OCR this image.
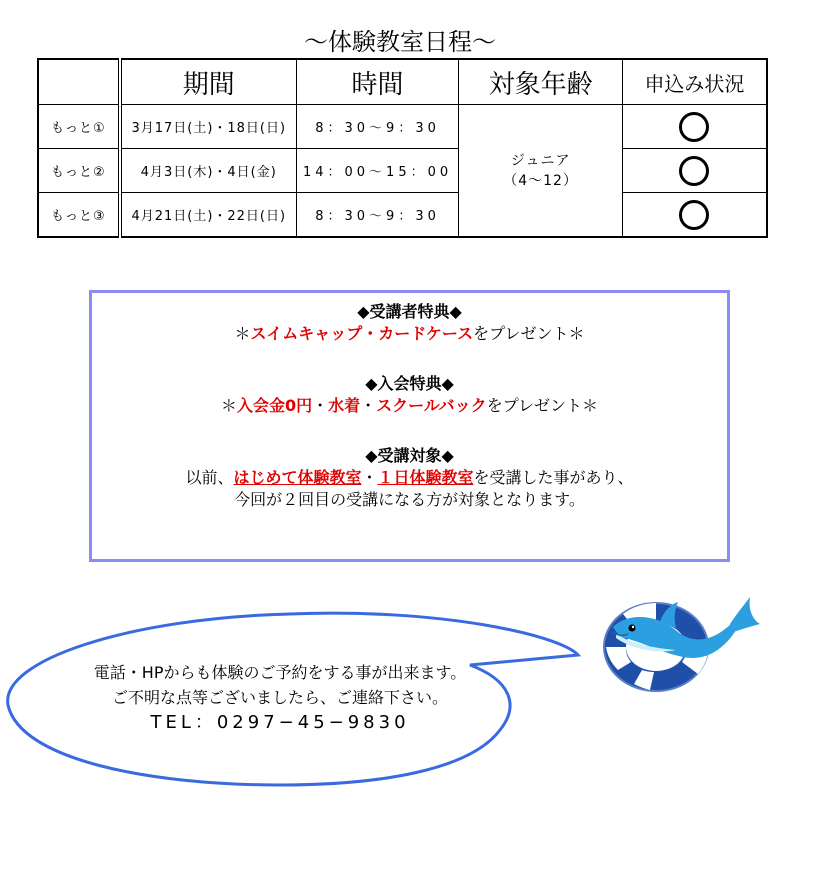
～体験教室日程～
	期間	時間	対象年齢	申込み状況
もっと①	3月17日(土)・18日(日)	8：30～9：30	ジュニア
（4～12）	

もっと②	4月3日(木)・4日(金)	14：00～15：00		
もっと③	4月21日(土)・22日(日)	8：30～9：30		
◆受講者特典◆
＊スイムキャップ・カードケースをプレゼント＊
◆入会特典◆
＊入会金0円・水着・スクールバックをプレゼント＊
◆受講対象◆
以前、はじめて体験教室・１日体験教室を受講した事があり、
今回が２回目の受講になる方が対象となります。
電話・HPからも体験のご予約をする事が出来ます。
ご不明な点等ございましたら、ご連絡下さい。
TEL：0297−45−9830
